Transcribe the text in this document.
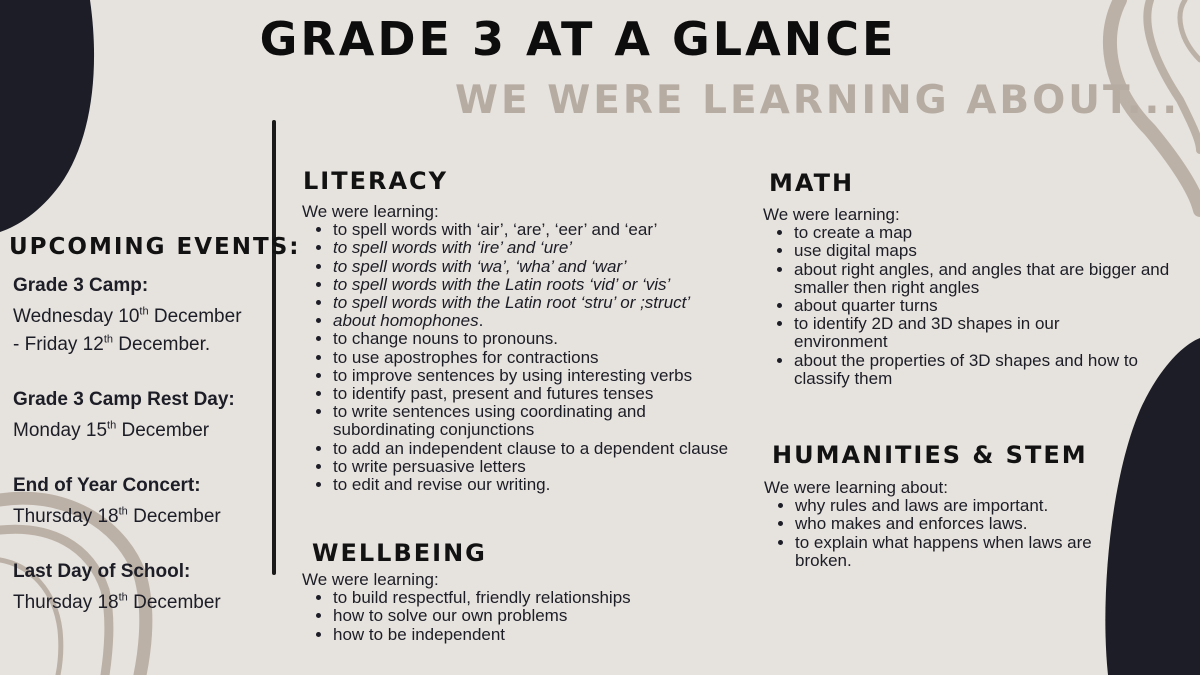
GRADE 3 AT A GLANCE
WE WERE LEARNING ABOUT...
UPCOMING EVENTS:

Grade 3 Camp:

Wednesday 10th December

- Friday 12th December.

Grade 3 Camp Rest Day:

Monday 15th December

End of Year Concert:

Thursday 18th December

Last Day of School:

Thursday 18th December

LITERACY

We were learning:

• to spell words with ‘air’, ‘are’, ‘eer’ and ‘ear’
• to spell words with ‘ire’ and ‘ure’
• to spell words with ‘wa’, ‘wha’ and ‘war’
• to spell words with the Latin roots ‘vid’ or ‘vis’
• to spell words with the Latin root ‘stru’ or ;struct’
• about homophones.
• to change nouns to pronouns.
• to use apostrophes for contractions
• to improve sentences by using interesting verbs
• to identify past, present and futures tenses
• to write sentences using coordinating and subordinating conjunctions
• to add an independent clause to a dependent clause
• to write persuasive letters
• to edit and revise our writing.
WELLBEING

We were learning:

• to build respectful, friendly relationships
• how to solve our own problems
• how to be independent
MATH

We were learning:

• to create a map
• use digital maps
• about right angles, and angles that are bigger and smaller then right angles
• about quarter turns
• to identify 2D and 3D shapes in our environment
• about the properties of 3D shapes and how to classify them
HUMANITIES & STEM

We were learning about:

• why rules and laws are important.
• who makes and enforces laws.
• to explain what happens when laws are broken.
